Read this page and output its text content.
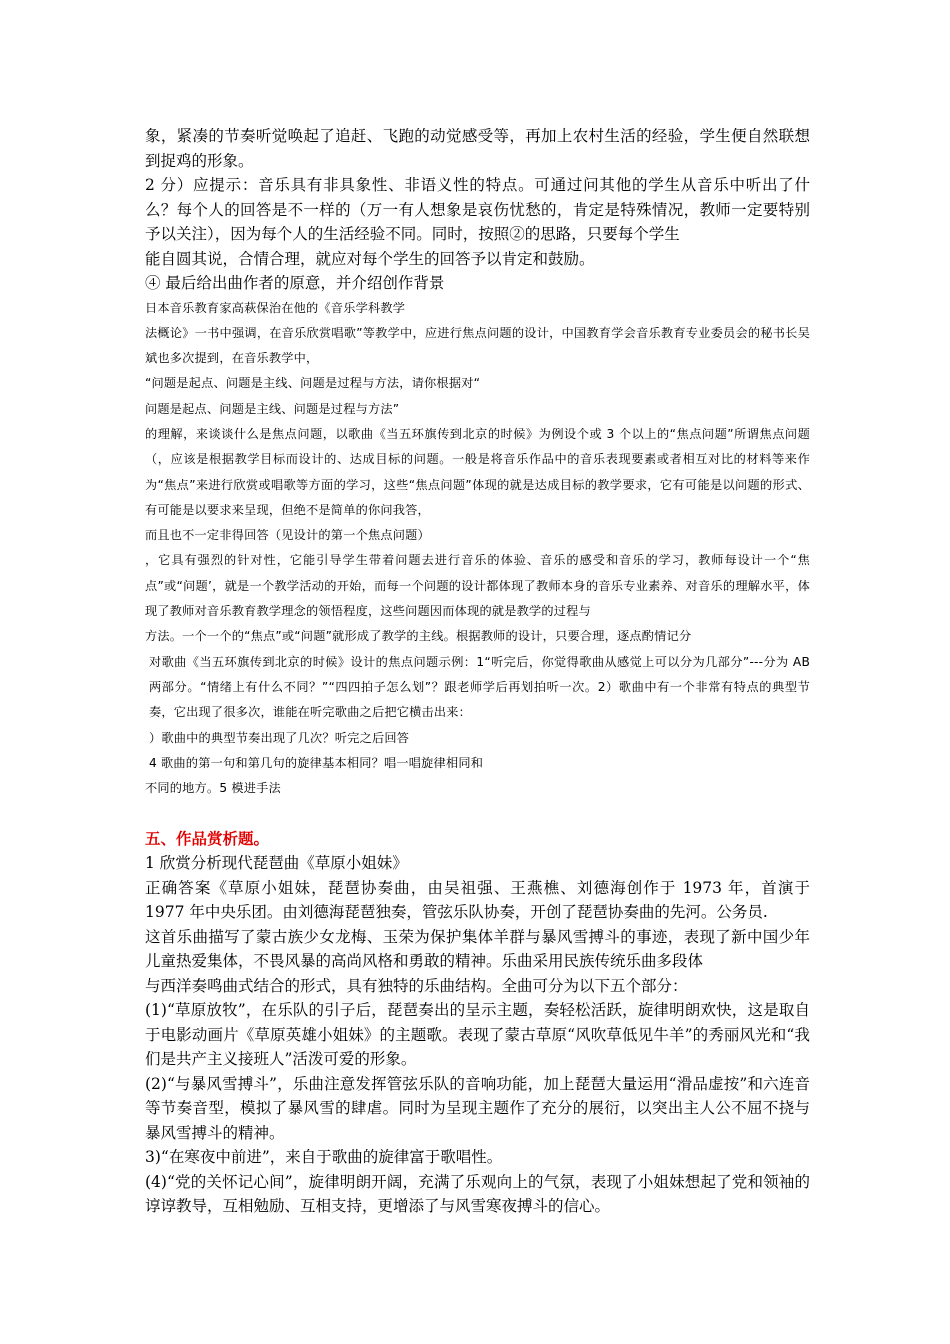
象，紧凑的节奏听觉唤起了追赶、飞跑的动觉感受等，再加上农村生活的经验，学生便自然联想到捉鸡的形象。

2 分）应提示：音乐具有非具象性、非语义性的特点。可通过问其他的学生从音乐中听出了什么？每个人的回答是不一样的（万一有人想象是哀伤忧愁的，肯定是特殊情况，教师一定要特别予以关注），因为每个人的生活经验不同。同时，按照②的思路，只要每个学生

能自圆其说，合情合理，就应对每个学生的回答予以肯定和鼓励。

④ 最后给出曲作者的原意，并介绍创作背景

日本音乐教育家高萩保治在他的《音乐学科教学

法概论》一书中强调，在音乐欣赏唱歌”等教学中，应进行焦点问题的设计，中国教育学会音乐教育专业委员会的秘书长吴斌也多次提到，在音乐教学中，

“问题是起点、问题是主线、问题是过程与方法，请你根据对“

问题是起点、问题是主线、问题是过程与方法”

的理解，来谈谈什么是焦点问题，以歌曲《当五环旗传到北京的时候》为例设个或 3 个以上的“焦点问题”所谓焦点问题（，应该是根据教学目标而设计的、达成目标的问题。一般是将音乐作品中的音乐表现要素或者相互对比的材料等来作为“焦点”来进行欣赏或唱歌等方面的学习，这些“焦点问题”体现的就是达成目标的教学要求，它有可能是以问题的形式、有可能是以要求来呈现，但绝不是简单的你问我答，

而且也不一定非得回答（见设计的第一个焦点问题）

，它具有强烈的针对性，它能引导学生带着问题去进行音乐的体验、音乐的感受和音乐的学习，教师每设计一个“焦点”或“问题’，就是一个教学活动的开始，而每一个问题的设计都体现了教师本身的音乐专业素养、对音乐的理解水平，体现了教师对音乐教育教学理念的领悟程度，这些问题因而体现的就是教学的过程与

方法。一个一个的“焦点”或“问题”就形成了教学的主线。根据教师的设计，只要合理，逐点酌情记分

对歌曲《当五环旗传到北京的时候》设计的焦点问题示例：1“听完后，你觉得歌曲从感觉上可以分为几部分”---分为 AB 两部分。“情绪上有什么不同？”“四四拍子怎么划”？跟老师学后再划拍听一次。2）歌曲中有一个非常有特点的典型节奏，它出现了很多次，谁能在听完歌曲之后把它横击出来：

）歌曲中的典型节奏出现了几次？听完之后回答

4 歌曲的第一句和第几句的旋律基本相同？唱一唱旋律相同和

不同的地方。5 模进手法

五、作品赏析题。

1 欣赏分析现代琵琶曲《草原小姐妹》

正确答案《草原小姐妹，琵琶协奏曲，由吴祖强、王燕樵、刘德海创作于 1973 年，首演于 1977 年中央乐团。由刘德海琵琶独奏，管弦乐队协奏，开创了琵琶协奏曲的先河。公务员.

这首乐曲描写了蒙古族少女龙梅、玉荣为保护集体羊群与暴风雪搏斗的事迹，表现了新中国少年儿童热爱集体，不畏风暴的高尚风格和勇敢的精神。乐曲采用民族传统乐曲多段体

与西洋奏鸣曲式结合的形式，具有独特的乐曲结构。全曲可分为以下五个部分：

(1)“草原放牧”，在乐队的引子后，琵琶奏出的呈示主题，奏轻松活跃，旋律明朗欢快，这是取自于电影动画片《草原英雄小姐妹》的主题歌。表现了蒙古草原“风吹草低见牛羊”的秀丽风光和“我们是共产主义接班人”活泼可爱的形象。

(2)“与暴风雪搏斗”，乐曲注意发挥管弦乐队的音响功能，加上琵琶大量运用“滑品虚按”和六连音等节奏音型，模拟了暴风雪的肆虐。同时为呈现主题作了充分的展衍，以突出主人公不屈不挠与暴风雪搏斗的精神。

3)“在寒夜中前进”，来自于歌曲的旋律富于歌唱性。

(4)“党的关怀记心间”，旋律明朗开阔，充满了乐观向上的气氛，表现了小姐妹想起了党和领袖的谆谆教导，互相勉励、互相支持，更增添了与风雪寒夜搏斗的信心。
